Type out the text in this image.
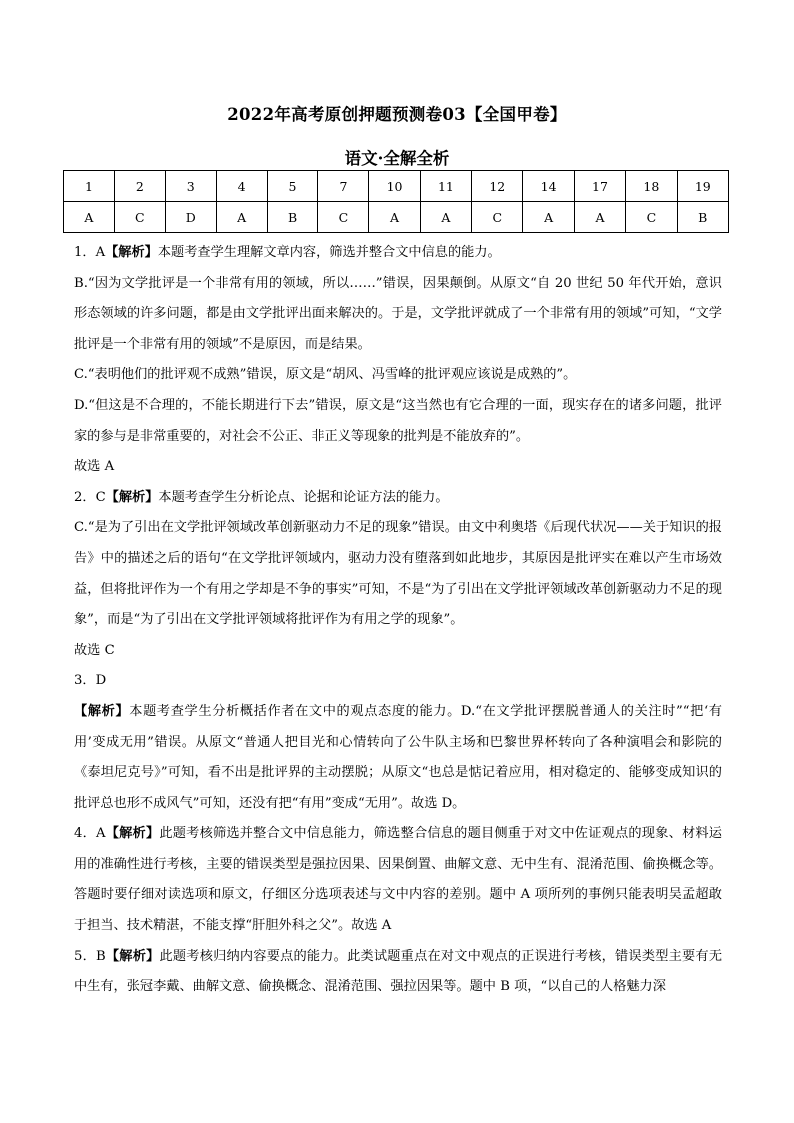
2022年高考原创押题预测卷03【全国甲卷】
语文·全解全析
1	2	3	4	5	7	10	11	12	14	17	18	19
A	C	D	A	B	C	A	A	C	A	A	C	B

1．A【解析】本题考查学生理解文章内容，筛选并整合文中信息的能力。

B.“因为文学批评是一个非常有用的领域，所以……”错误，因果颠倒。从原文“自 20 世纪 50 年代开始，意识形态领域的许多问题，都是由文学批评出面来解决的。于是，文学批评就成了一个非常有用的领域”可知，“文学批评是一个非常有用的领域”不是原因，而是结果。

C.“表明他们的批评观不成熟”错误，原文是“胡风、冯雪峰的批评观应该说是成熟的”。

D.“但这是不合理的，不能长期进行下去”错误，原文是“这当然也有它合理的一面，现实存在的诸多问题，批评家的参与是非常重要的，对社会不公正、非正义等现象的批判是不能放弃的”。

故选 A

2．C【解析】本题考查学生分析论点、论据和论证方法的能力。

C.“是为了引出在文学批评领域改革创新驱动力不足的现象”错误。由文中利奥塔《后现代状况——关于知识的报告》中的描述之后的语句“在文学批评领域内，驱动力没有堕落到如此地步，其原因是批评实在难以产生市场效益，但将批评作为一个有用之学却是不争的事实”可知，不是“为了引出在文学批评领域改革创新驱动力不足的现象”，而是“为了引出在文学批评领域将批评作为有用之学的现象”。

故选 C

3．D

【解析】本题考查学生分析概括作者在文中的观点态度的能力。D.“在文学批评摆脱普通人的关注时”“把‘有用’变成无用”错误。从原文“普通人把目光和心情转向了公牛队主场和巴黎世界杯转向了各种演唱会和影院的《泰坦尼克号》”可知，看不出是批评界的主动摆脱；从原文“也总是惦记着应用，相对稳定的、能够变成知识的批评总也形不成风气”可知，还没有把“有用”变成“无用”。故选 D。

4．A【解析】此题考核筛选并整合文中信息能力，筛选整合信息的题目侧重于对文中佐证观点的现象、材料运用的准确性进行考核，主要的错误类型是强拉因果、因果倒置、曲解文意、无中生有、混淆范围、偷换概念等。答题时要仔细对读选项和原文，仔细区分选项表述与文中内容的差别。题中 A 项所列的事例只能表明吴孟超敢于担当、技术精湛，不能支撑“肝胆外科之父”。故选 A

5．B【解析】此题考核归纳内容要点的能力。此类试题重点在对文中观点的正误进行考核，错误类型主要有无中生有，张冠李戴、曲解文意、偷换概念、混淆范围、强拉因果等。题中 B 项，“以自己的人格魅力深
